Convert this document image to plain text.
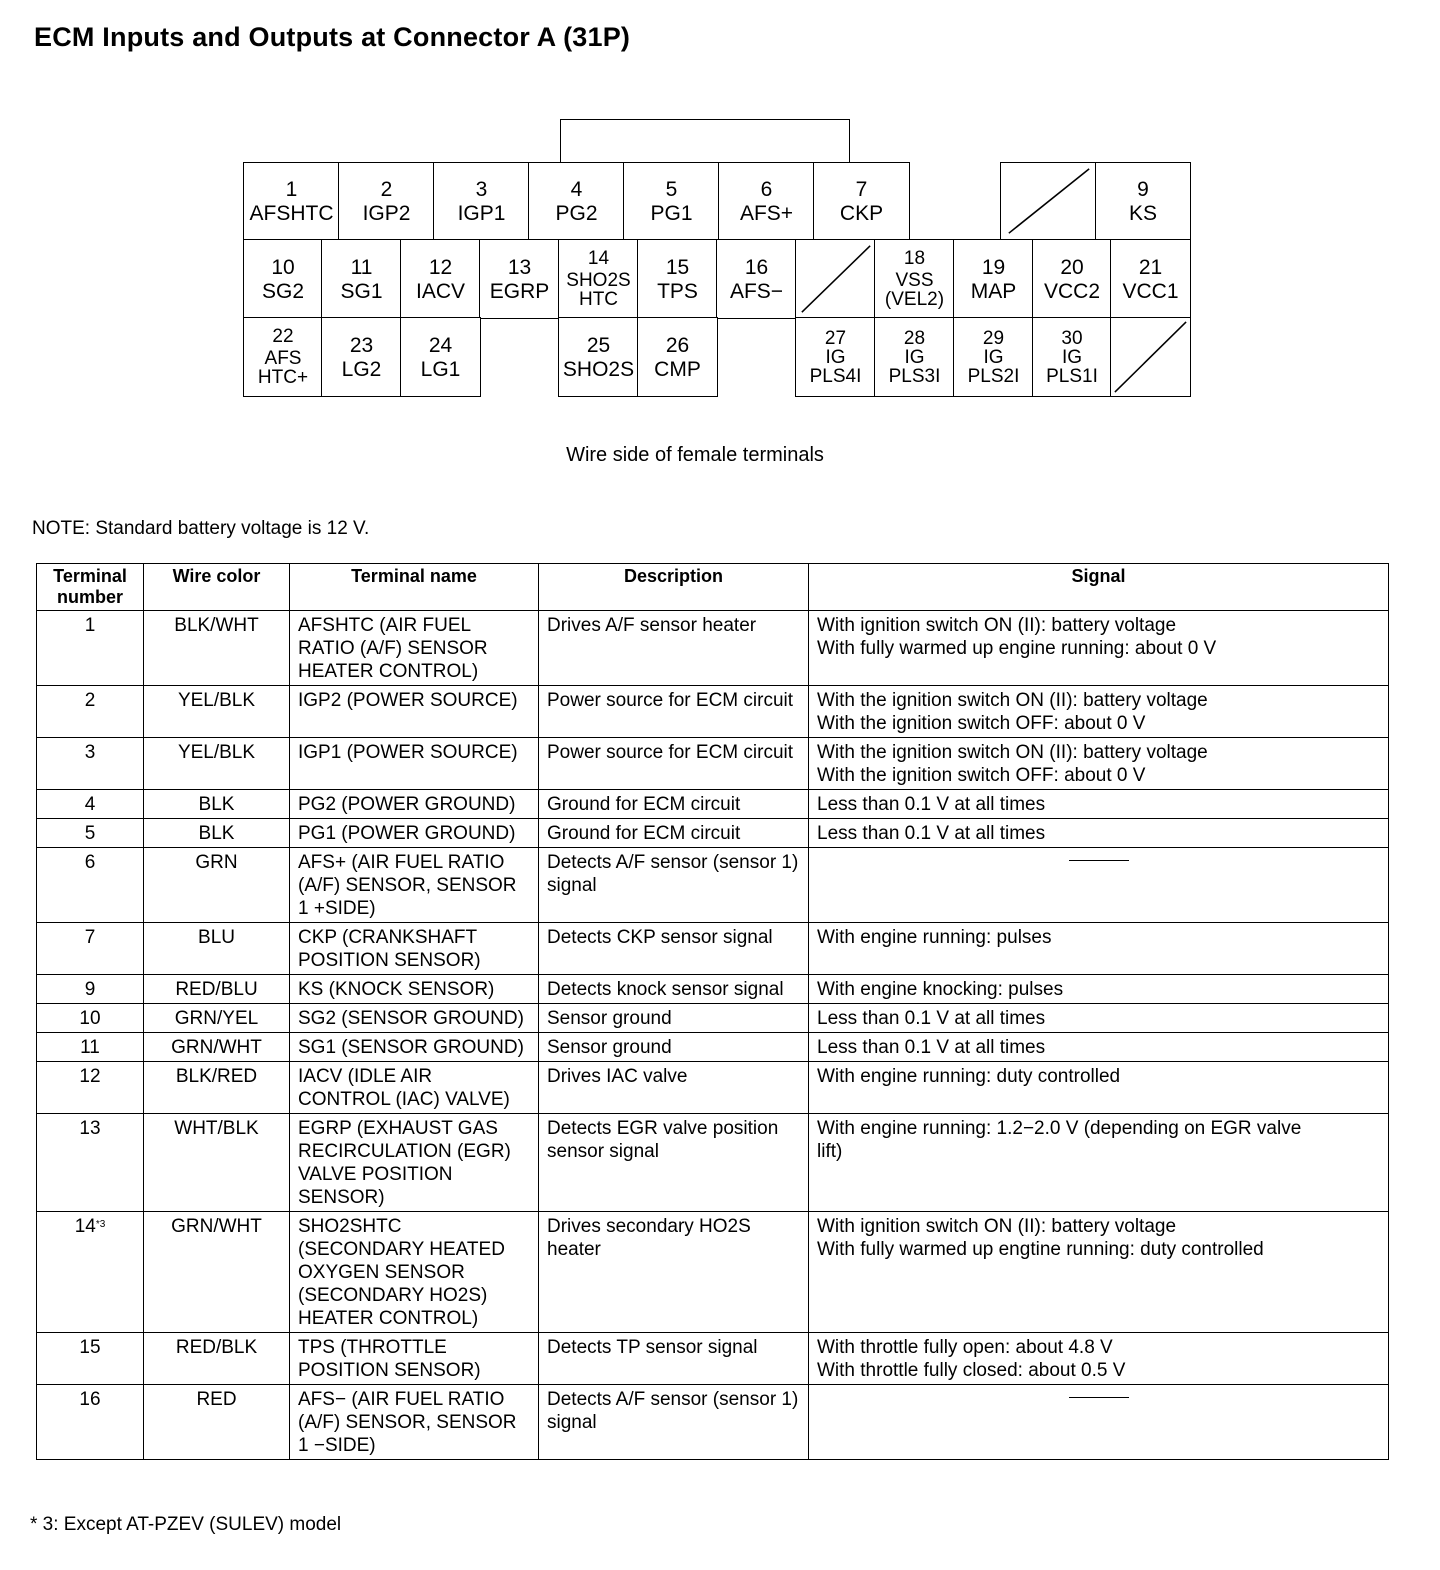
ECM Inputs and Outputs at Connector A (31P)
1
AFSHTC
2
IGP2
3
IGP1
4
PG2
5
PG1
6
AFS+
7
CKP
9
KS
10
SG2
11
SG1
12
IACV
13
EGRP
14
SHO2S
HTC
15
TPS
16
AFS−
18
VSS
(VEL2)
19
MAP
20
VCC2
21
VCC1
22
AFS
HTC+
23
LG2
24
LG1
25
SHO2S
26
CMP
27
IG
PLS4I
28
IG
PLS3I
29
IG
PLS2I
30
IG
PLS1I
Wire side of female terminals
NOTE: Standard battery voltage is 12 V.
Terminal
number	Wire color	Terminal name	Description	Signal
1	BLK/WHT	AFSHTC (AIR FUEL RATIO (A/F) SENSOR HEATER CONTROL)	Drives A/F sensor heater	With ignition switch ON (II): battery voltage
With fully warmed up engine running: about 0 V

2	YEL/BLK	IGP2 (POWER SOURCE)	Power source for ECM circuit	With the ignition switch ON (II): battery voltage
With the ignition switch OFF: about 0 V

3	YEL/BLK	IGP1 (POWER SOURCE)	Power source for ECM circuit	With the ignition switch ON (II): battery voltage
With the ignition switch OFF: about 0 V

4	BLK	PG2 (POWER GROUND)	Ground for ECM circuit	Less than 0.1 V at all times

5	BLK	PG1 (POWER GROUND)	Ground for ECM circuit	Less than 0.1 V at all times

6	GRN	AFS+ (AIR FUEL RATIO (A/F) SENSOR, SENSOR 1 +SIDE)	Detects A/F sensor (sensor 1) signal	

7	BLU	CKP (CRANKSHAFT POSITION SENSOR)	Detects CKP sensor signal	With engine running: pulses

9	RED/BLU	KS (KNOCK SENSOR)	Detects knock sensor signal	With engine knocking: pulses

10	GRN/YEL	SG2 (SENSOR GROUND)	Sensor ground	Less than 0.1 V at all times

11	GRN/WHT	SG1 (SENSOR GROUND)	Sensor ground	Less than 0.1 V at all times

12	BLK/RED	IACV (IDLE AIR CONTROL (IAC) VALVE)	Drives IAC valve	With engine running: duty controlled

13	WHT/BLK	EGRP (EXHAUST GAS RECIRCULATION (EGR) VALVE POSITION SENSOR)	Detects EGR valve position sensor signal	With engine running: 1.2−2.0 V (depending on EGR valve
lift)

14$^{*3}$	GRN/WHT	SHO2SHTC (SECONDARY HEATED OXYGEN SENSOR (SECONDARY HO2S) HEATER CONTROL)	Drives secondary HO2S heater	With ignition switch ON (II): battery voltage
With fully warmed up engtine running: duty controlled

15	RED/BLK	TPS (THROTTLE POSITION SENSOR)	Detects TP sensor signal	With throttle fully open: about 4.8 V
With throttle fully closed: about 0.5 V

16	RED	AFS− (AIR FUEL RATIO (A/F) SENSOR, SENSOR 1 −SIDE)	Detects A/F sensor (sensor 1) signal	
* 3: Except AT-PZEV (SULEV) model
